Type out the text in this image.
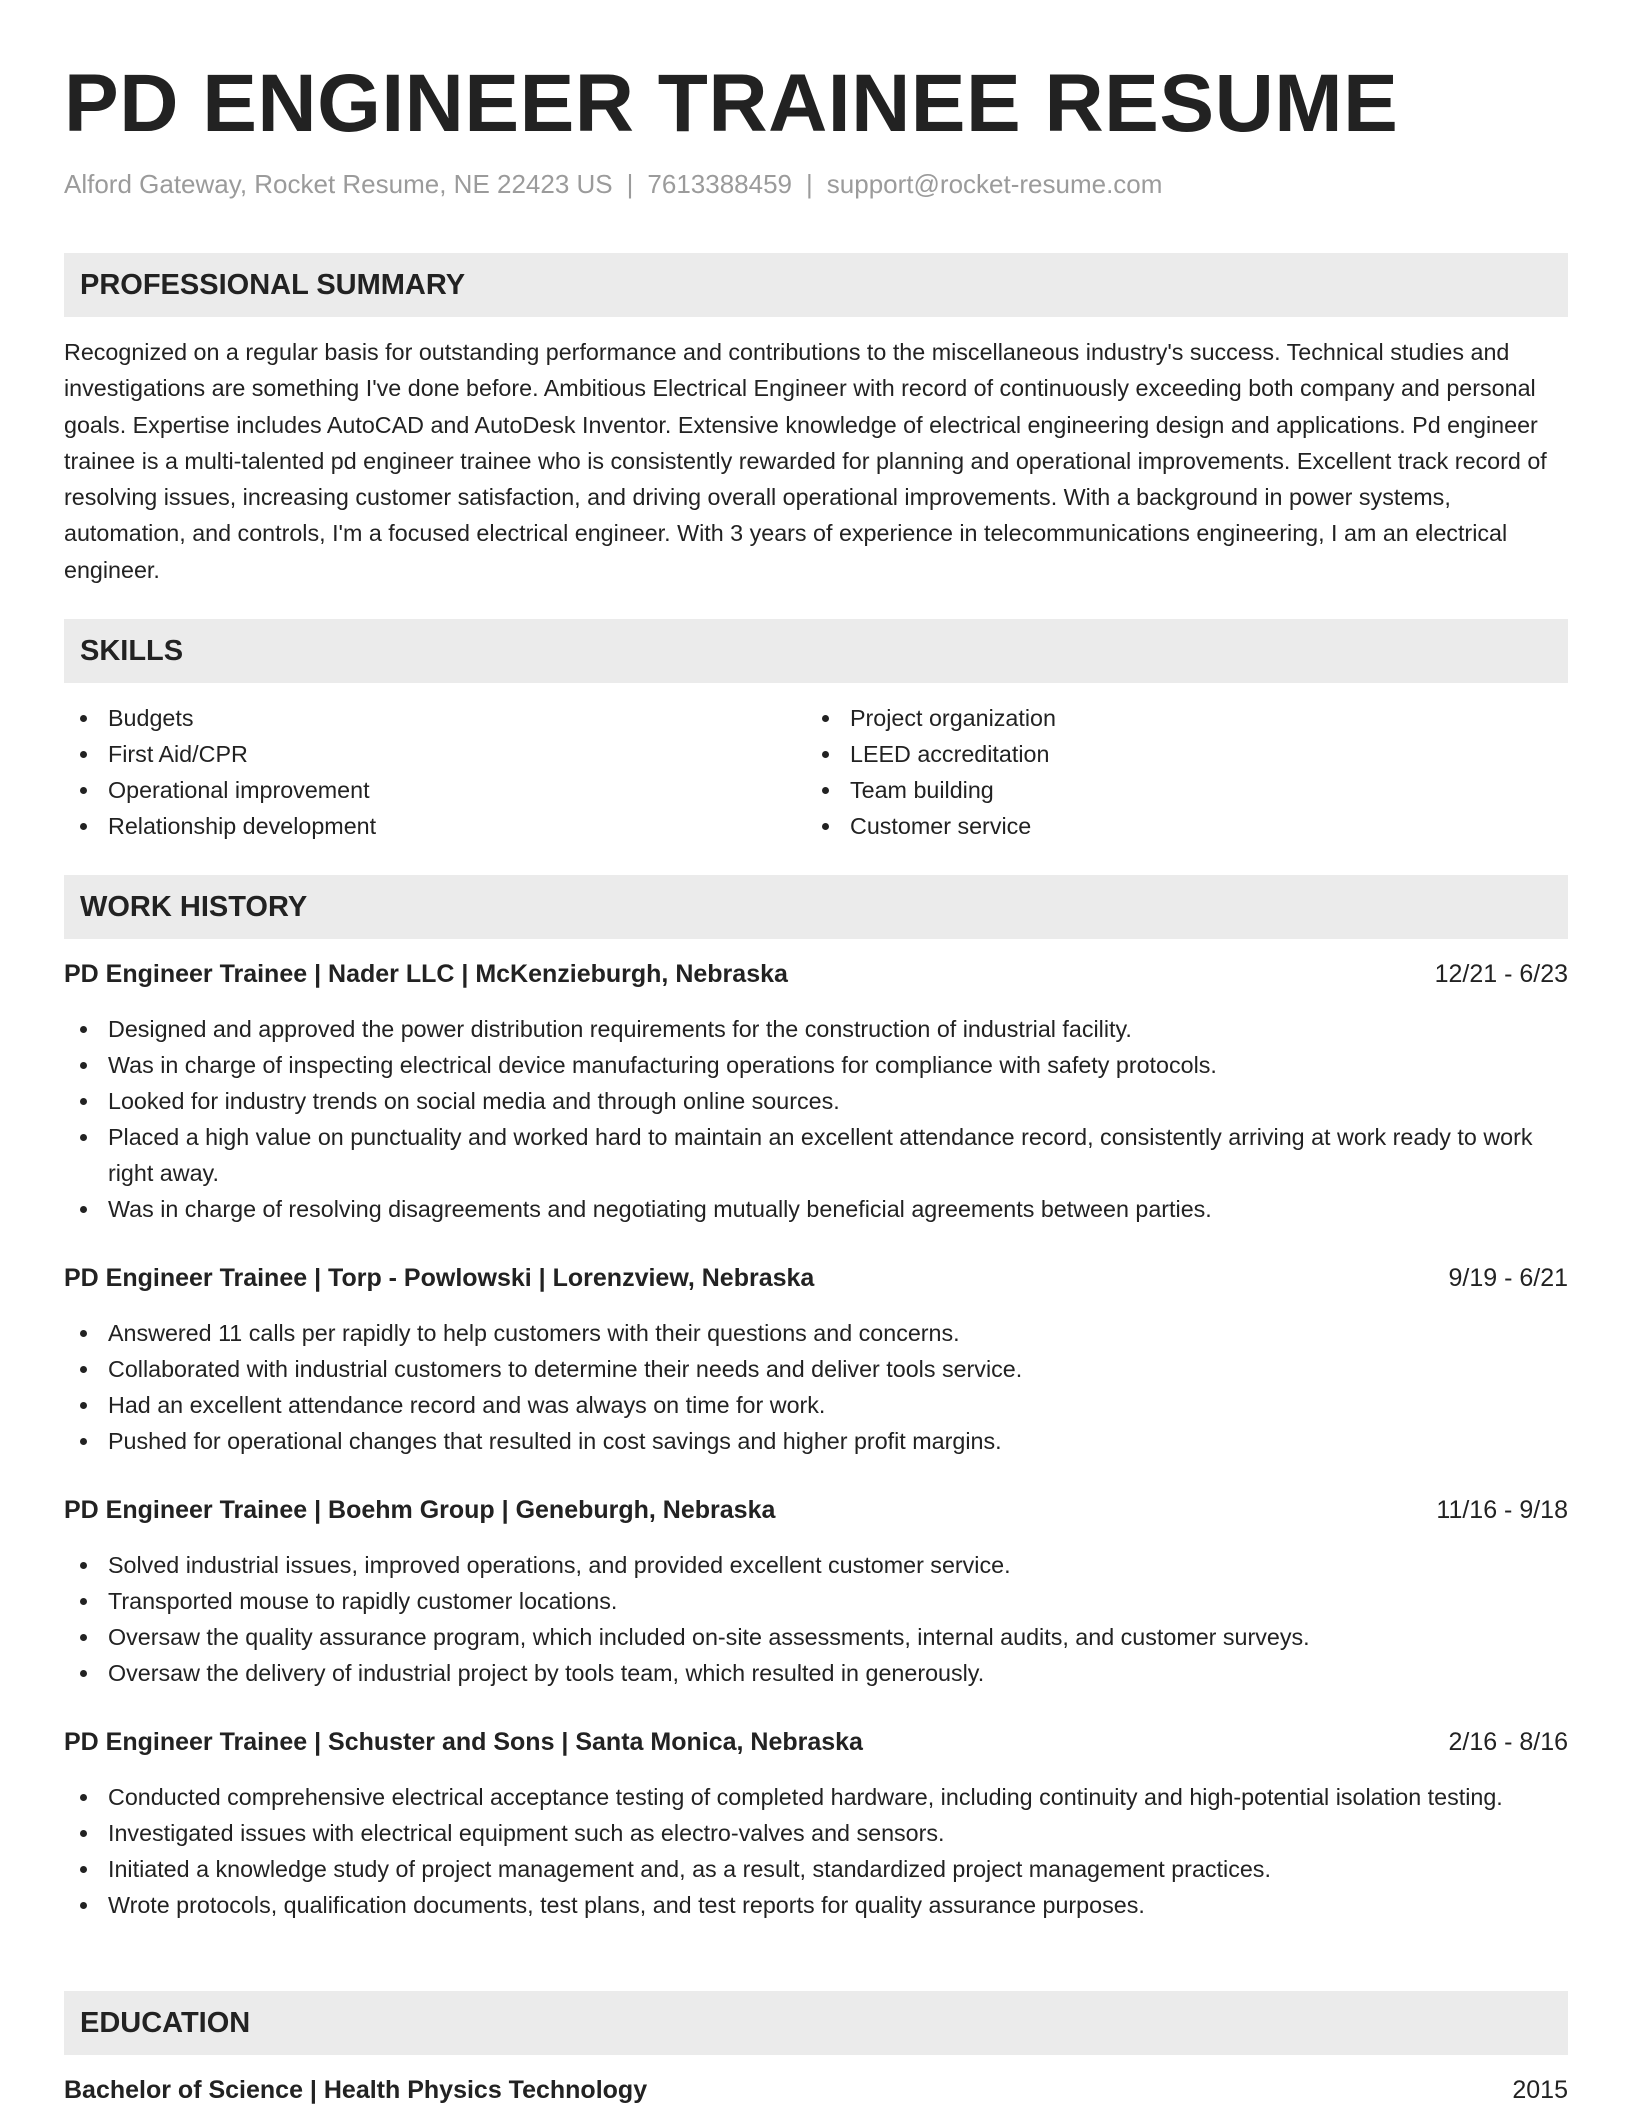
PD ENGINEER TRAINEE RESUME
Alford Gateway, Rocket Resume, NE 22423 US | 7613388459 | support@rocket-resume.com
PROFESSIONAL SUMMARY

Recognized on a regular basis for outstanding performance and contributions to the miscellaneous industry's success. Technical studies and investigations are something I've done before. Ambitious Electrical Engineer with record of continuously exceeding both company and personal goals. Expertise includes AutoCAD and AutoDesk Inventor. Extensive knowledge of electrical engineering design and applications. Pd engineer trainee is a multi-talented pd engineer trainee who is consistently rewarded for planning and operational improvements. Excellent track record of resolving issues, increasing customer satisfaction, and driving overall operational improvements. With a background in power systems, automation, and controls, I'm a focused electrical engineer. With 3 years of experience in telecommunications engineering, I am an electrical engineer.

SKILLS
Budgets
First Aid/CPR
Operational improvement
Relationship development
Project organization
LEED accreditation
Team building
Customer service
WORK HISTORY
PD Engineer Trainee | Nader LLC | McKenzieburgh, Nebraska	12/21 - 6/23
Designed and approved the power distribution requirements for the construction of industrial facility.
Was in charge of inspecting electrical device manufacturing operations for compliance with safety protocols.
Looked for industry trends on social media and through online sources.
Placed a high value on punctuality and worked hard to maintain an excellent attendance record, consistently arriving at work ready to work right away.
Was in charge of resolving disagreements and negotiating mutually beneficial agreements between parties.
PD Engineer Trainee | Torp - Powlowski | Lorenzview, Nebraska	9/19 - 6/21
Answered 11 calls per rapidly to help customers with their questions and concerns.
Collaborated with industrial customers to determine their needs and deliver tools service.
Had an excellent attendance record and was always on time for work.
Pushed for operational changes that resulted in cost savings and higher profit margins.
PD Engineer Trainee | Boehm Group | Geneburgh, Nebraska	11/16 - 9/18
Solved industrial issues, improved operations, and provided excellent customer service.
Transported mouse to rapidly customer locations.
Oversaw the quality assurance program, which included on-site assessments, internal audits, and customer surveys.
Oversaw the delivery of industrial project by tools team, which resulted in generously.
PD Engineer Trainee | Schuster and Sons | Santa Monica, Nebraska	2/16 - 8/16
Conducted comprehensive electrical acceptance testing of completed hardware, including continuity and high-potential isolation testing.
Investigated issues with electrical equipment such as electro-valves and sensors.
Initiated a knowledge study of project management and, as a result, standardized project management practices.
Wrote protocols, qualification documents, test plans, and test reports for quality assurance purposes.
EDUCATION
Bachelor of Science | Health Physics Technology	2015
